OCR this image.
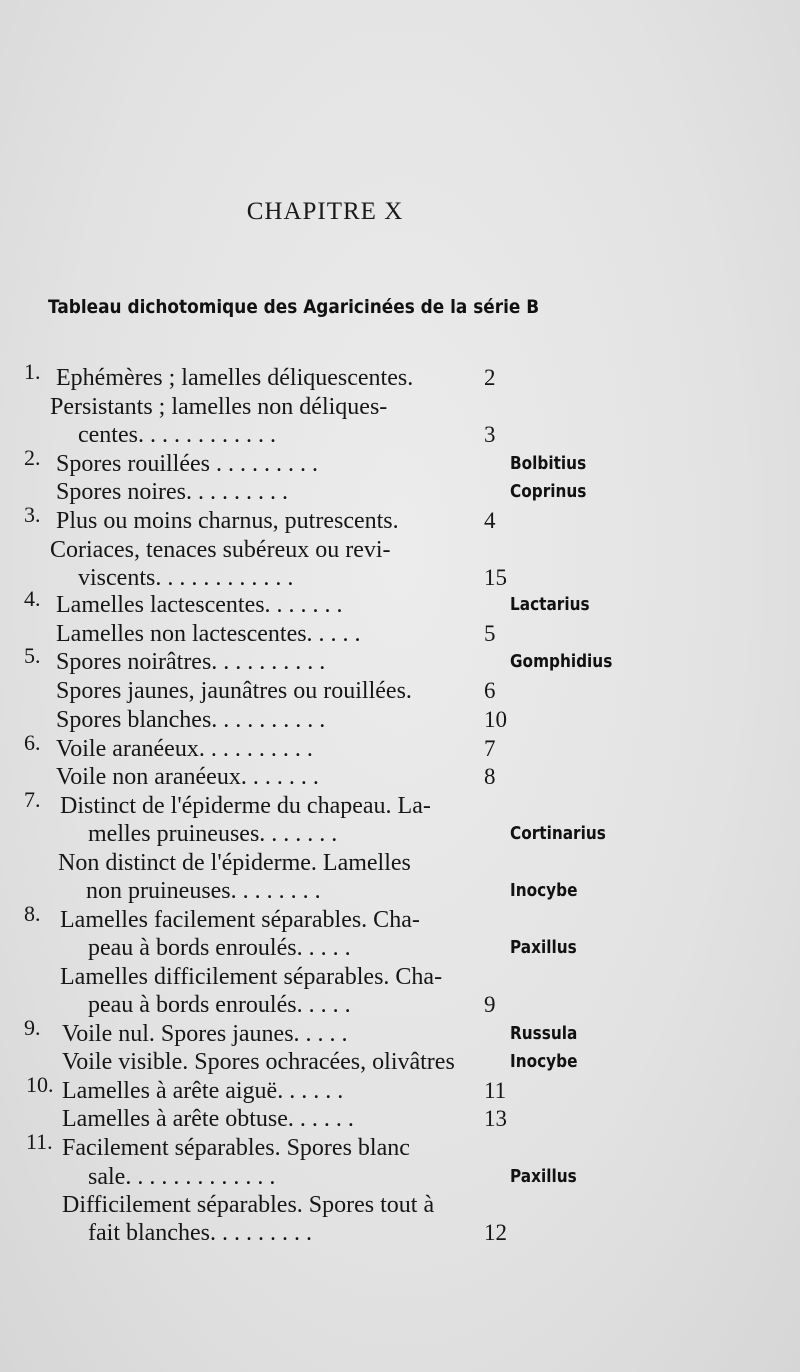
CHAPITRE X
Tableau dichotomique des Agaricinées de la série B
1. Ephémères ; lamelles déliquescentes.	2
Persistants ; lamelles non déliques-
centes. . . . . . . . . . . .	3
2. Spores rouillées . . . . . . . . .	Bolbitius
Spores noires. . . . . . . . .	Coprinus
3. Plus ou moins charnus, putrescents.	4
Coriaces, tenaces subéreux ou revi-
viscents. . . . . . . . . . . .	15
4. Lamelles lactescentes. . . . . . .	Lactarius
Lamelles non lactescentes. . . . .	5
5. Spores noirâtres. . . . . . . . . .	Gomphidius
Spores jaunes, jaunâtres ou rouillées.	6
Spores blanches. . . . . . . . . .	10
6. Voile aranéeux. . . . . . . . . .	7
Voile non aranéeux. . . . . . .	8
7. Distinct de l'épiderme du chapeau. La-
melles pruineuses. . . . . . .	Cortinarius
Non distinct de l'épiderme. Lamelles
non pruineuses. . . . . . . .	Inocybe
8. Lamelles facilement séparables. Cha-
peau à bords enroulés. . . . .	Paxillus
Lamelles difficilement séparables. Cha-
peau à bords enroulés. . . . .	9
9. Voile nul. Spores jaunes. . . . .	Russula
Voile visible. Spores ochracées, olivâtres	Inocybe
10. Lamelles à arête aiguë. . . . . .	11
Lamelles à arête obtuse. . . . . .	13
11. Facilement séparables. Spores blanc
sale. . . . . . . . . . . . .	Paxillus
Difficilement séparables. Spores tout à
fait blanches. . . . . . . . .	12
